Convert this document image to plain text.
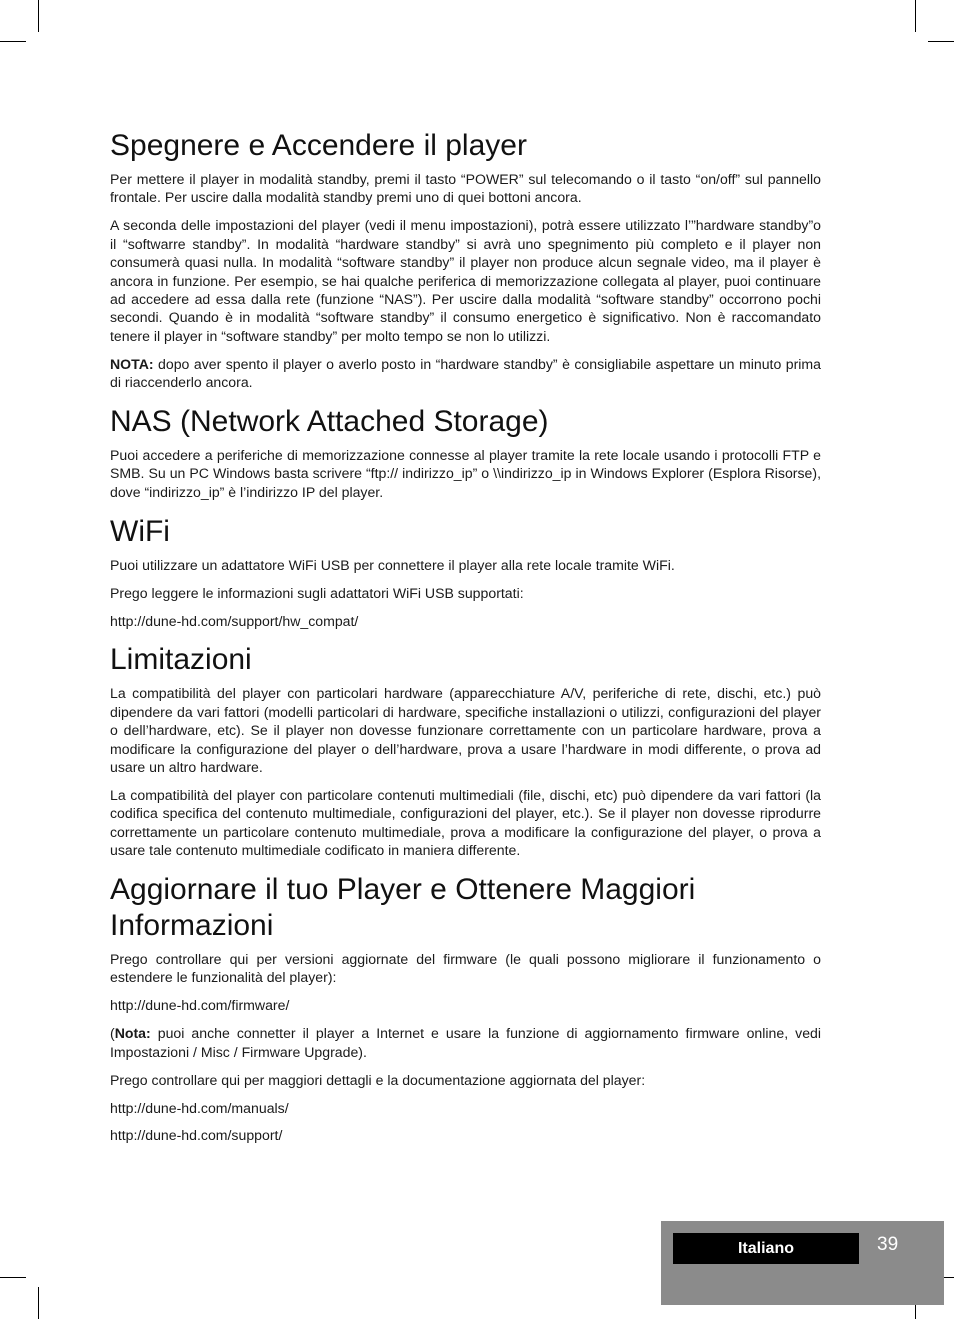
Spegnere e Accendere il player

Per mettere il player in modalità standby, premi il tasto “POWER” sul telecomando o il tasto “on/off” sul pannello frontale. Per uscire dalla modalità standby premi uno di quei bottoni ancora.

A seconda delle impostazioni del player (vedi il menu impostazioni), potrà essere utilizzato l’”hardware standby”o il “softwarre standby”. In modalità “hardware standby” si avrà uno spegnimento più completo e il player non consumerà quasi nulla. In modalità “software standby” il player non produce alcun segnale video, ma il player è ancora in funzione. Per esempio, se hai qualche periferica di memorizzazione collegata al player, puoi continuare ad accedere ad essa dalla rete (funzione “NAS”). Per uscire dalla modalità “software standby” occorrono pochi secondi. Quando è in modalità “software standby” il consumo energetico è significativo. Non è raccomandato tenere il player in “software standby” per molto tempo se non lo utilizzi.

NOTA: dopo aver spento il player o averlo posto in “hardware standby” è consigliabile aspettare un minuto prima di riaccenderlo ancora.

NAS (Network Attached Storage)

Puoi accedere a periferiche di memorizzazione connesse al player tramite la rete locale usando i protocolli FTP e SMB. Su un PC Windows basta scrivere “ftp:// indirizzo_ip” o \\indirizzo_ip in Windows Explorer (Esplora Risorse), dove “indirizzo_ip” è l’indirizzo IP del player.

WiFi

Puoi utilizzare un adattatore WiFi USB per connettere il player alla rete locale tramite WiFi.

Prego leggere le informazioni sugli adattatori WiFi USB supportati:

http://dune-hd.com/support/hw_compat/

Limitazioni

La compatibilità del player con particolari hardware (apparecchiature A/V, periferiche di rete, dischi, etc.) può dipendere da vari fattori (modelli particolari di hardware, specifiche installazioni o utilizzi, configurazioni del player o dell’hardware, etc). Se il player non dovesse funzionare correttamente con un particolare hardware, prova a modificare la configurazione del player o dell’hardware, prova a usare l’hardware in modi differente, o prova ad usare un altro hardware.

La compatibilità del player con particolare contenuti multimediali (file, dischi, etc) può dipendere da vari fattori (la codifica specifica del contenuto multimediale, configurazioni del player, etc.). Se il player non dovesse riprodurre correttamente un particolare contenuto multimediale, prova a modificare la configurazione del player, o prova a usare tale contenuto multimediale codificato in maniera differente.

Aggiornare il tuo Player e Ottenere Maggiori Informazioni

Prego controllare qui per versioni aggiornate del firmware (le quali possono migliorare il funzionamento o estendere le funzionalità del player):

http://dune-hd.com/firmware/

(Nota: puoi anche connetter il player a Internet e usare la funzione di aggiornamento firmware online, vedi Impostazioni / Misc / Firmware Upgrade).

Prego controllare qui per maggiori dettagli e la documentazione aggiornata del player:

http://dune-hd.com/manuals/

http://dune-hd.com/support/

Italiano	39
